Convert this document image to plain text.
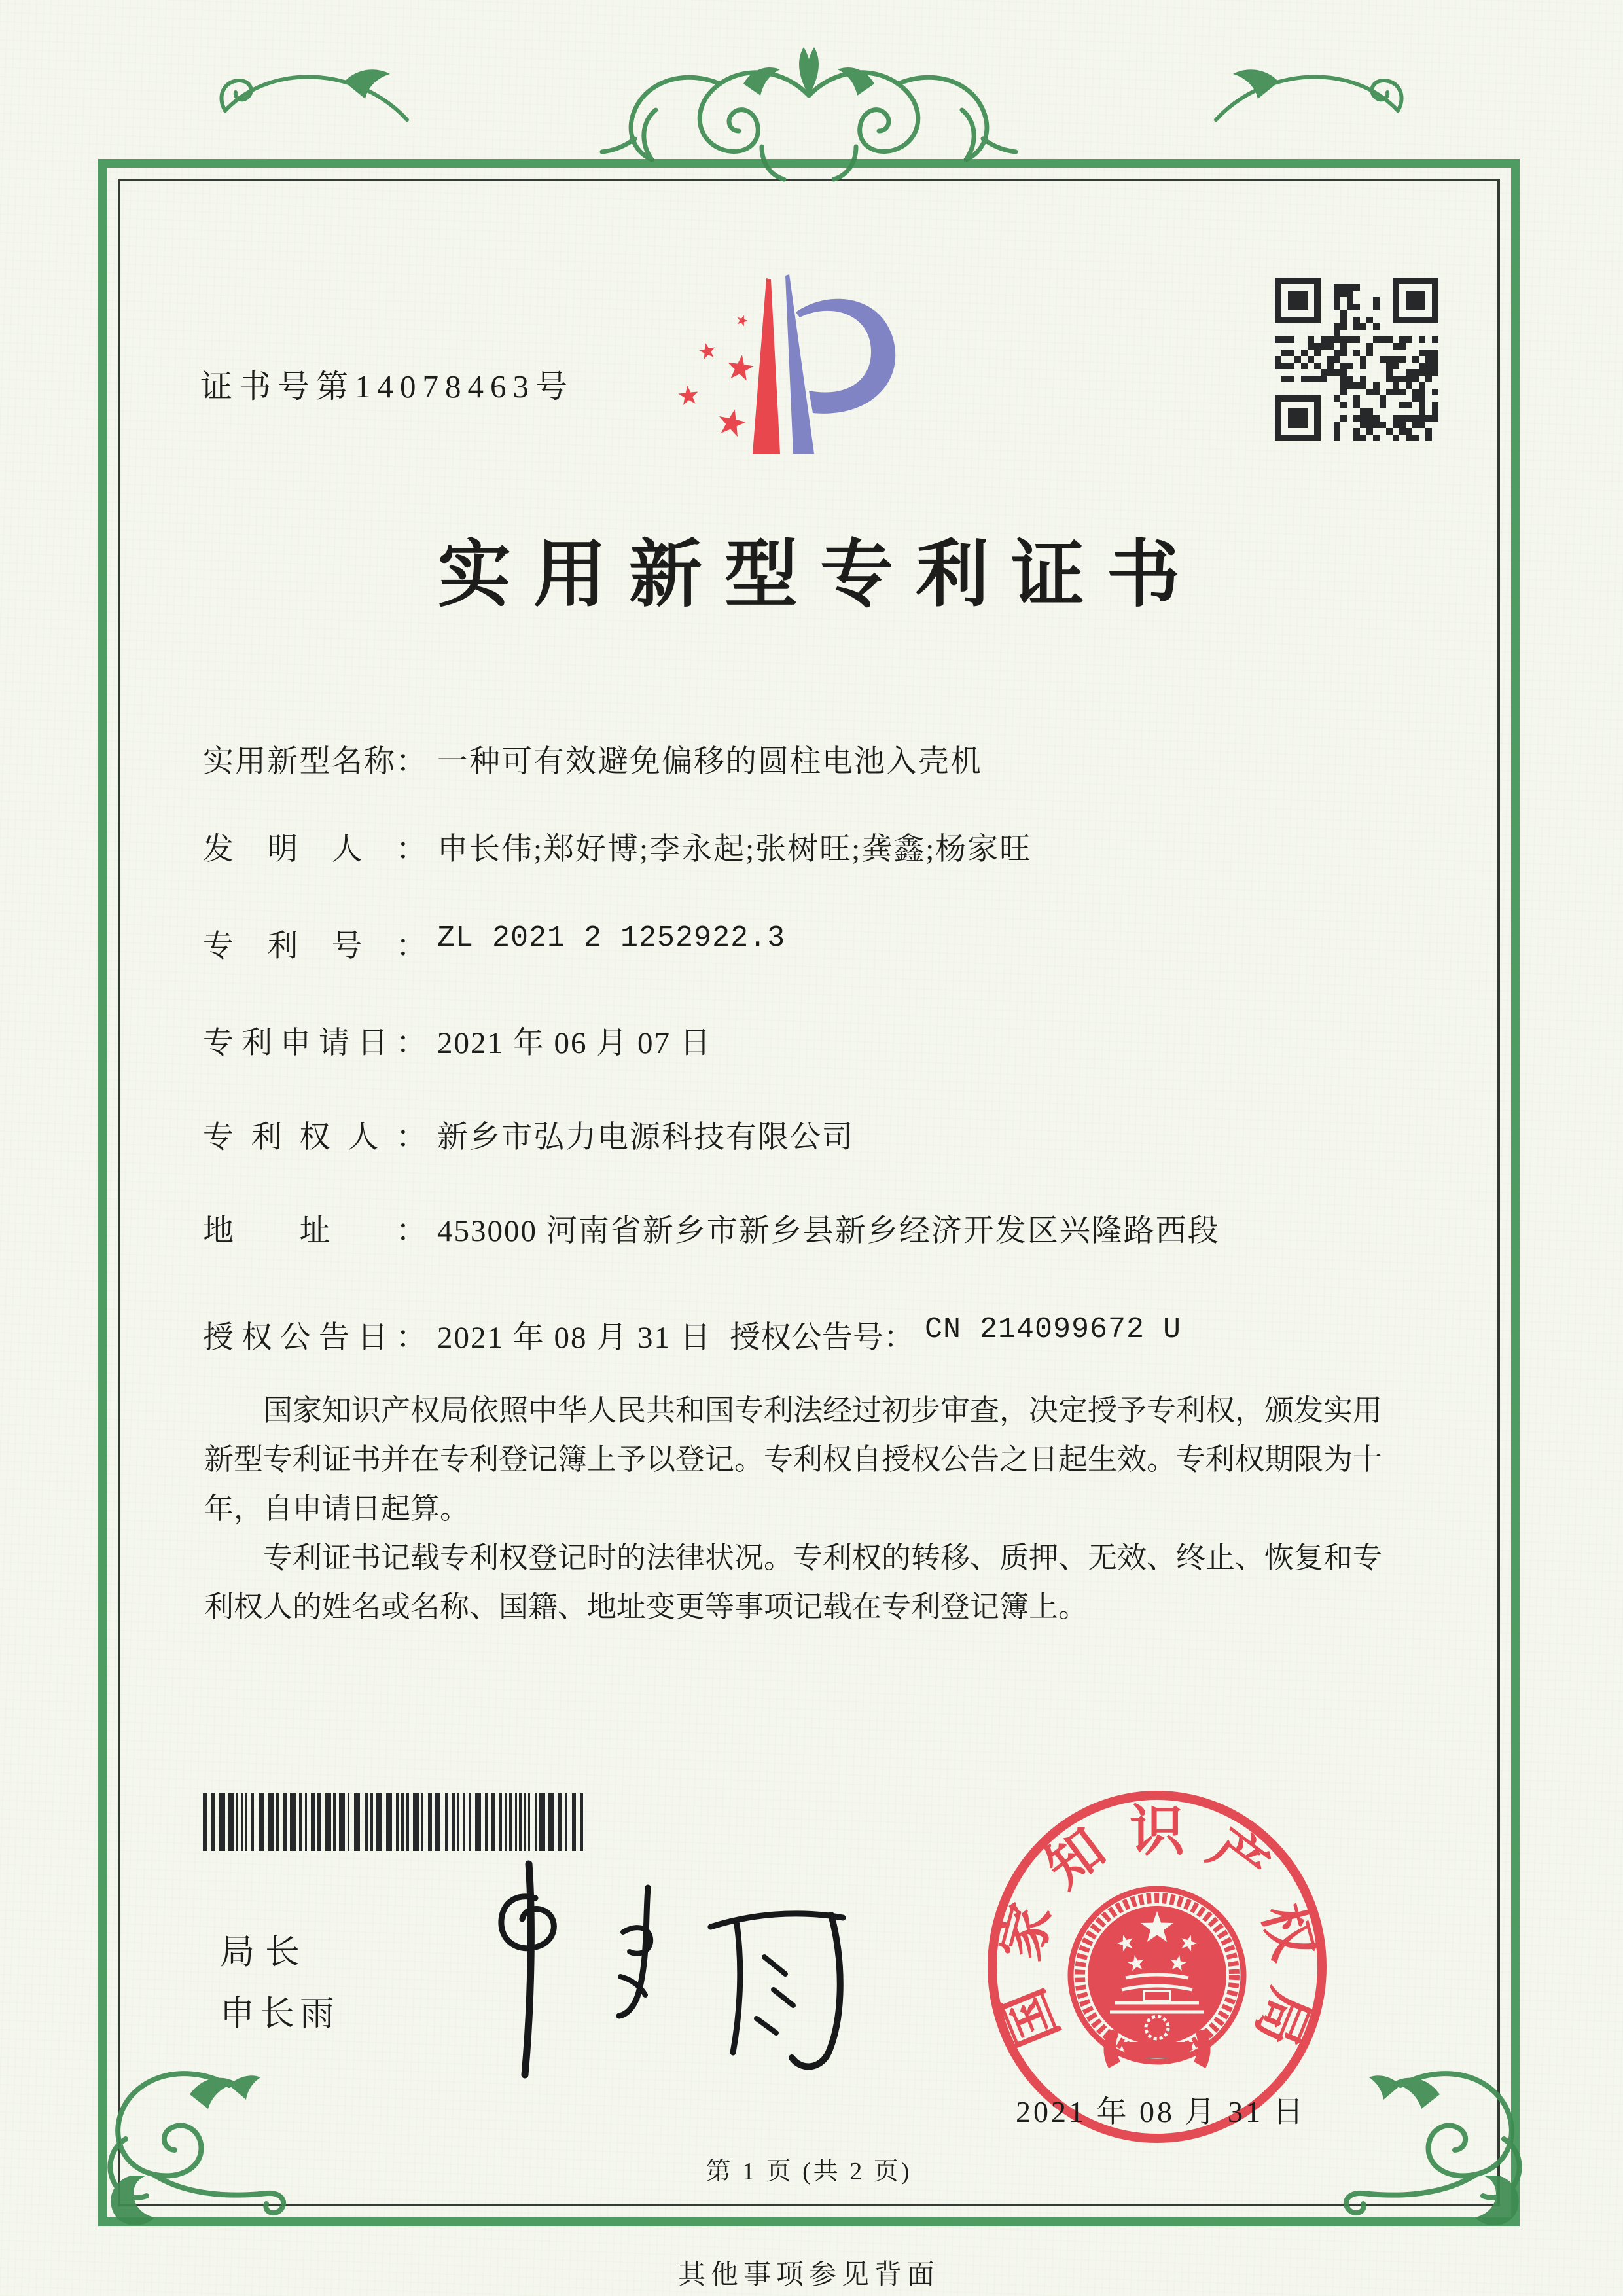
证书号第14078463号
实用新型专利证书
实用新型名称： 一种可有效避免偏移的圆柱电池入壳机
发明人： 申长伟;郑好博;李永起;张树旺;龚鑫;杨家旺
专利号： ZL 2021 2 1252922.3
专利申请日： 2021 年 06 月 07 日
专利权人： 新乡市弘力电源科技有限公司
地址： 453000 河南省新乡市新乡县新乡经济开发区兴隆路西段
授权公告日： 2021 年 08 月 31 日 授权公告号： CN 214099672 U

国家知识产权局依照中华人民共和国专利法经过初步审查，决定授予专利权，颁发实用新型专利证书并在专利登记簿上予以登记。专利权自授权公告之日起生效。专利权期限为十年，自申请日起算。

专利证书记载专利权登记时的法律状况。专利权的转移、质押、无效、终止、恢复和专利权人的姓名或名称、国籍、地址变更等事项记载在专利登记簿上。

局长
申长雨	国
家
知 识 产
权
局
2021 年 08 月 31 日
第 1 页 (共 2 页)
其他事项参见背面
